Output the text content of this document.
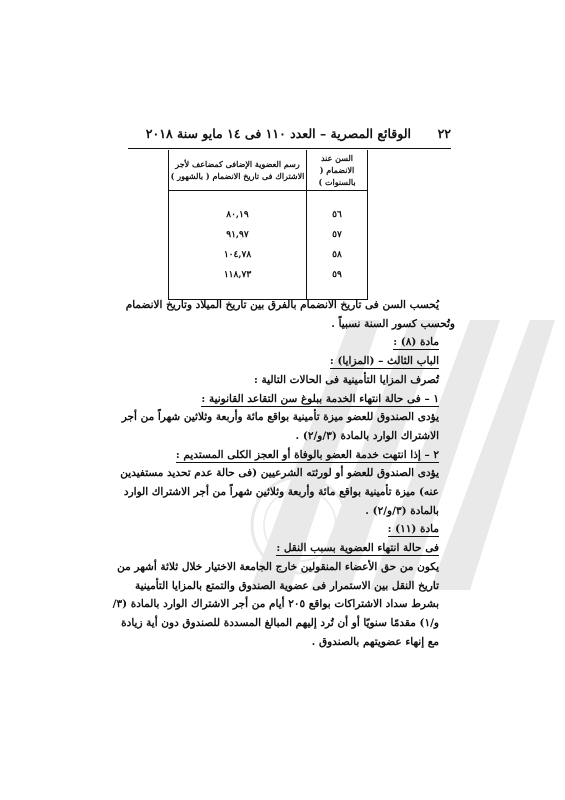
٢٢
الوقائع المصرية – العدد ١١٠ فى ١٤ مايو سنة ٢٠١٨
السن عند الانضمام ( بالسنوات )	رسم العضوية الإضافى كمضاعف لأجر الاشتراك فى تاريخ الانضمام ( بالشهور )

٥٦	٨٠,١٩
٥٧	٩١,٩٧
٥٨	١٠٤,٧٨
٥٩	١١٨,٧٣

يُحسب السن فى تاريخ الانضمام بالفرق بين تاريخ الميلاد وتاريخ الانضمام

وتُحسب كسور السنة نسبياً .

مادة (٨) :

الباب الثالث – (المزايا) :

تُصرف المزايا التأمينية فى الحالات التالية :

١ – فى حالة انتهاء الخدمة ببلوغ سن التقاعد القانونية :

يؤدى الصندوق للعضو ميزة تأمينية بواقع مائة وأربعة وثلاثين شهراً من أجر الاشتراك الوارد بالمادة (٣/و/٢) .

٢ – إذا انتهت خدمة العضو بالوفاة أو العجز الكلى المستديم :

يؤدى الصندوق للعضو أو لورثته الشرعيين (فى حالة عدم تحديد مستفيدين عنه) ميزة تأمينية بواقع مائة وأربعة وثلاثين شهراً من أجر الاشتراك الوارد بالمادة (٣/و/٢) .

مادة (١١) :

فى حالة انتهاء العضوية بسبب النقل :

يكون من حق الأعضاء المنقولين خارج الجامعة الاختيار خلال ثلاثة أشهر من تاريخ النقل بين الاستمرار فى عضوية الصندوق والتمتع بالمزايا التأمينية بشرط سداد الاشتراكات بواقع ٢٠٥ أيام من أجر الاشتراك الوارد بالمادة (٣/و/١) مقدمًا سنويًا أو أن تُرد إليهم المبالغ المسددة للصندوق دون أية زيادة مع إنهاء عضويتهم بالصندوق .
